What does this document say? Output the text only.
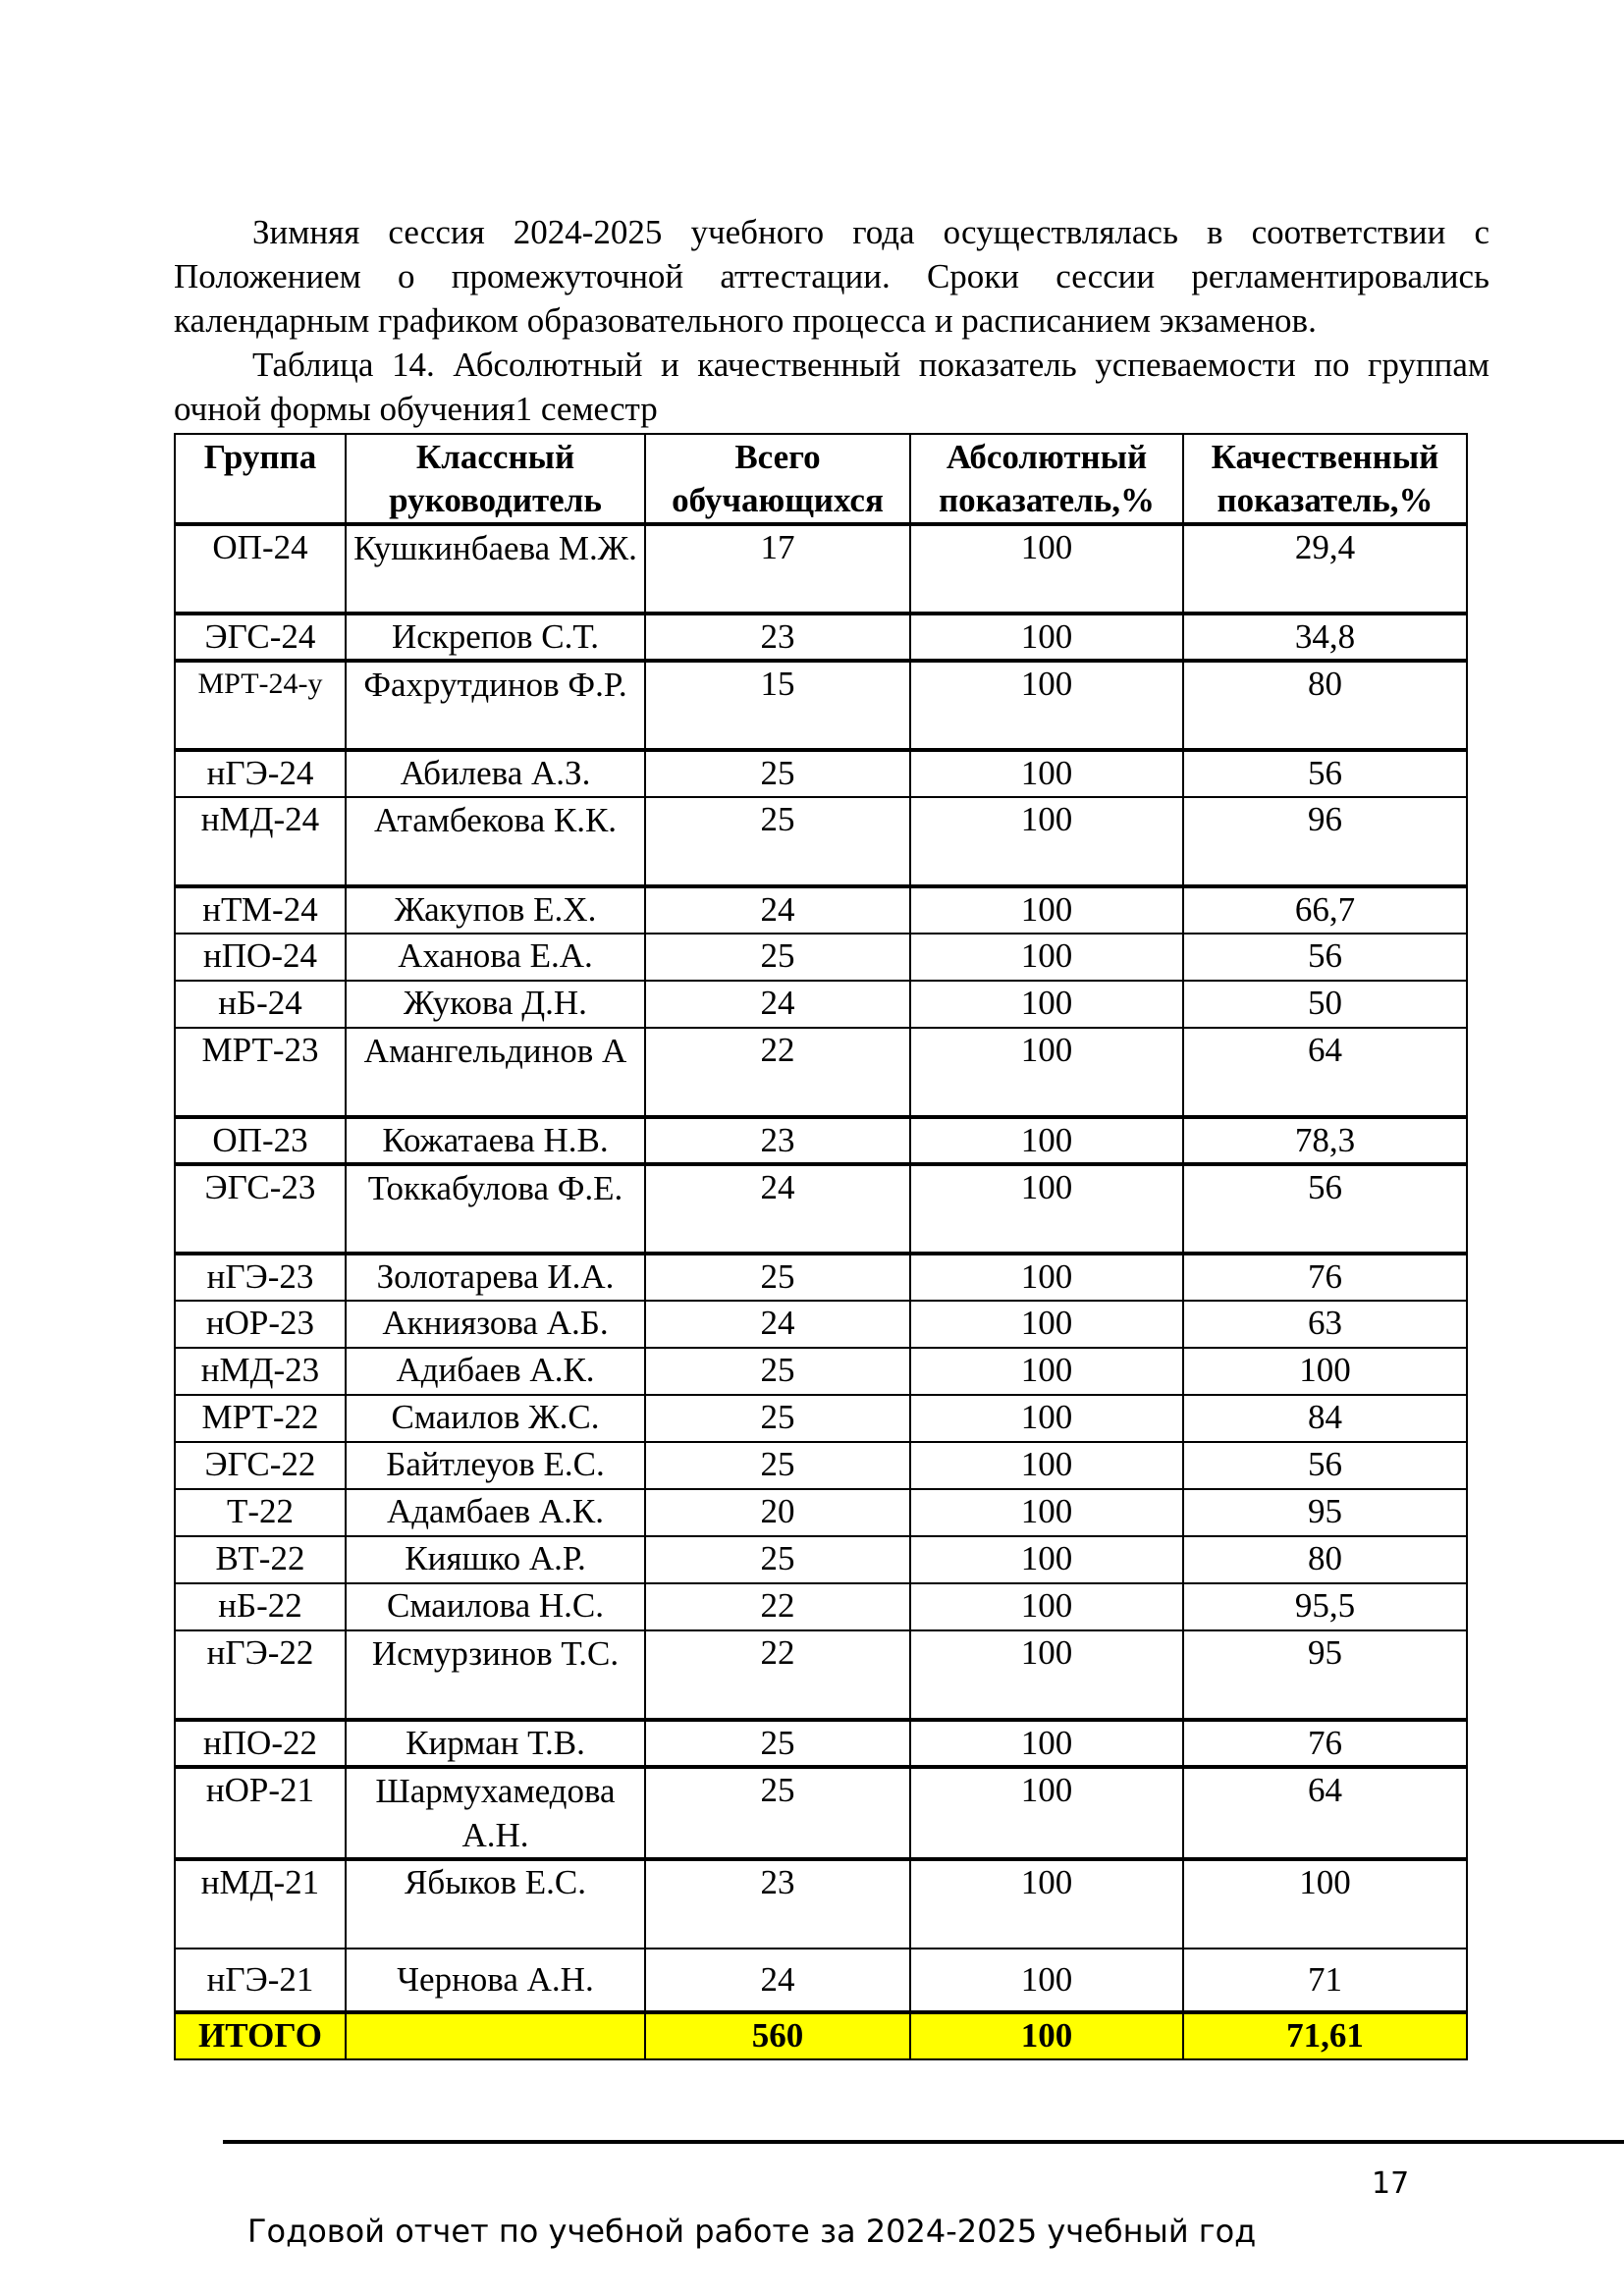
Зимняя сессия 2024-2025 учебного года осуществлялась в соответствии с Положением о промежуточной аттестации. Сроки сессии регламентировались календарным графиком образовательного процесса и расписанием экзаменов.

Таблица 14. Абсолютный и качественный показатель успеваемости по группам очной формы обучения1 семестр

Группа	Классный руководитель	Всего обучающихся	Абсолютный показатель,%	Качественный показатель,%
ОП-24	Кушкинбаева М.Ж.	17	100	29,4
ЭГС-24	Искрепов С.Т.	23	100	34,8
МРТ-24-у	Фахрутдинов Ф.Р.	15	100	80
нГЭ-24	Абилева А.З.	25	100	56
нМД-24	Атамбекова К.К.	25	100	96
нТМ-24	Жакупов Е.Х.	24	100	66,7
нПО-24	Аханова Е.А.	25	100	56
нБ-24	Жукова Д.Н.	24	100	50
МРТ-23	Амангельдинов А	22	100	64
ОП-23	Кожатаева Н.В.	23	100	78,3
ЭГС-23	Токкабулова Ф.Е.	24	100	56
нГЭ-23	Золотарева И.А.	25	100	76
нОР-23	Акниязова А.Б.	24	100	63
нМД-23	Адибаев А.К.	25	100	100
МРТ-22	Смаилов Ж.С.	25	100	84
ЭГС-22	Байтлеуов Е.С.	25	100	56
Т-22	Адамбаев А.К.	20	100	95
ВТ-22	Кияшко А.Р.	25	100	80
нБ-22	Смаилова Н.С.	22	100	95,5
нГЭ-22	Исмурзинов Т.С.	22	100	95
нПО-22	Кирман Т.В.	25	100	76
нОР-21	Шармухамедова А.Н.	25	100	64
нМД-21	Ябыков Е.С.	23	100	100
нГЭ-21	Чернова А.Н.	24	100	71
ИТОГО		560	100	71,61
17
Годовой отчет по учебной работе за 2024-2025 учебный год
